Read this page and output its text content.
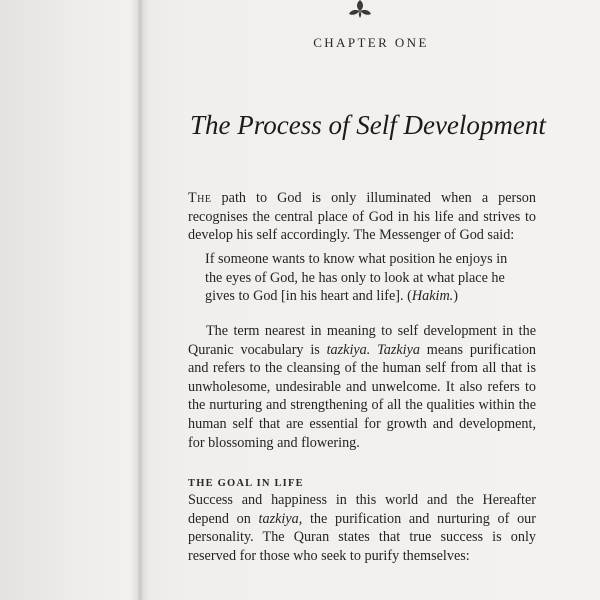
CHAPTER ONE
The Process of Self Development
The path to God is only illuminated when a person recognises the central place of God in his life and strives to develop his self accordingly. The Messenger of God said:
If someone wants to know what position he enjoys in the eyes of God, he has only to look at what place he gives to God [in his heart and life]. (Hakim.)
The term nearest in meaning to self development in the Quranic vocabulary is tazkiya. Tazkiya means purification and refers to the cleansing of the human self from all that is unwholesome, undesirable and unwelcome. It also refers to the nurturing and strengthening of all the qualities within the human self that are essential for growth and development, for blossoming and flowering.
THE GOAL IN LIFE
Success and happiness in this world and the Hereafter depend on tazkiya, the purification and nurturing of our personality. The Quran states that true success is only reserved for those who seek to purify themselves:
